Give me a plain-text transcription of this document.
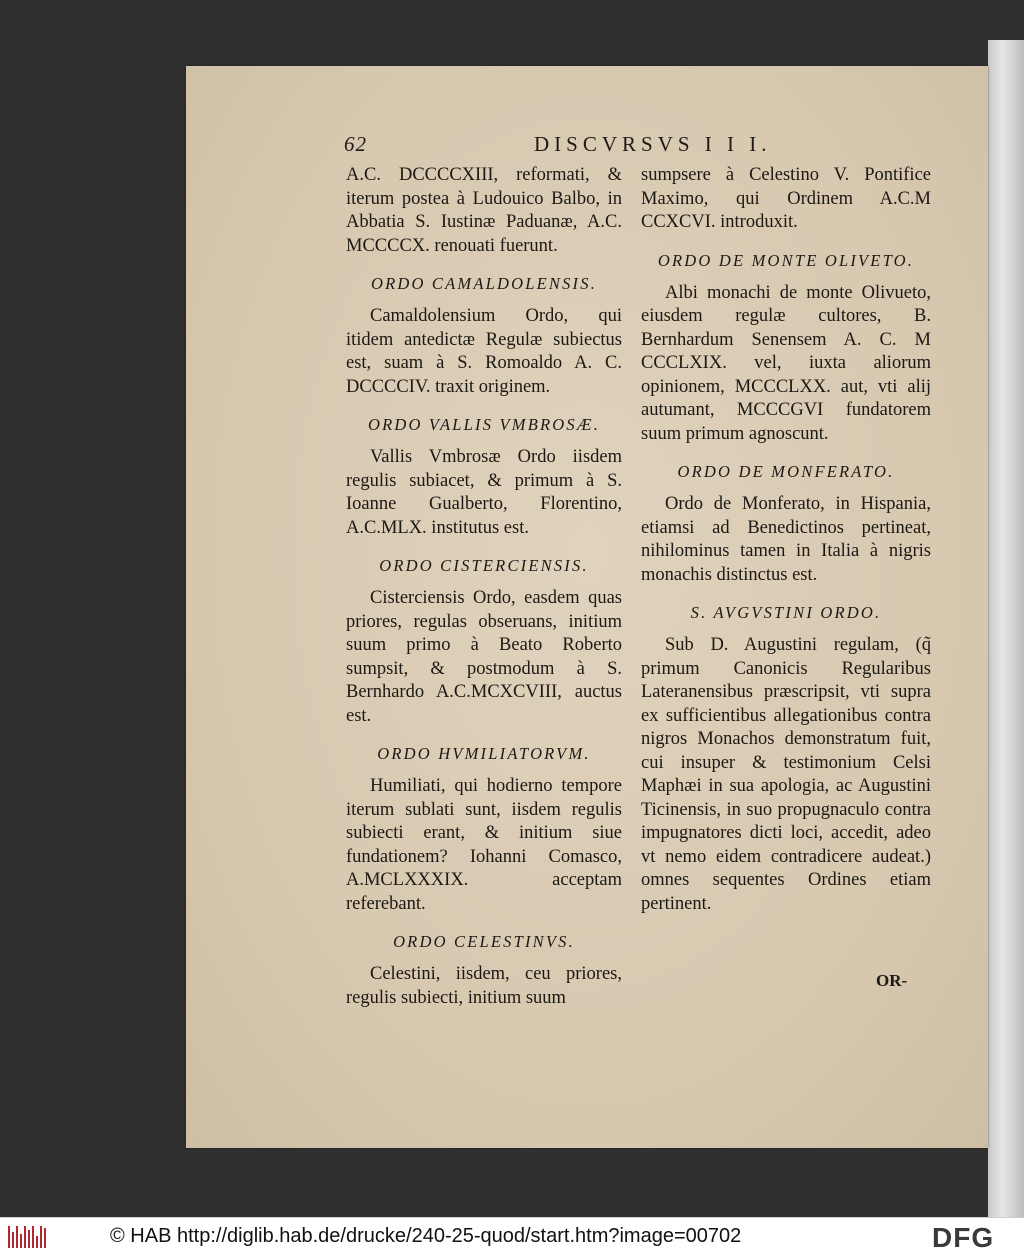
62	DISCVRSVS I I I.

A.C. DCCCCXIII, reformati, & iterum postea à Ludouico Balbo, in Abbatia S. Iustinæ Paduanæ, A.C. MCCCCX. renouati fuerunt.

ORDO CAMALDOLENSIS.

Camaldolensium Ordo, qui itidem antedictæ Regulæ subiectus est, suam à S. Romoaldo A. C. DCCCCIV. traxit originem.

ORDO VALLIS VMBROSÆ.

Vallis Vmbrosæ Ordo iisdem regulis subiacet, & primum à S. Ioanne Gualberto, Florentino, A.C.MLX. institutus est.

ORDO CISTERCIENSIS.

Cisterciensis Ordo, easdem quas priores, regulas obseruans, initium suum primo à Beato Roberto sumpsit, & postmodum à S. Bernhardo A.C.MCXCVIII, auctus est.

ORDO HVMILIATORVM.

Humiliati, qui hodierno tempore iterum sublati sunt, iisdem regulis subiecti erant, & initium siue fundationem? Iohanni Comasco, A.MCLXXXIX. acceptam referebant.

ORDO CELESTINVS.

Celestini, iisdem, ceu priores, regulis subiecti, initium suum

sumpsere à Celestino V. Pontifice Maximo, qui Ordinem A.C.M CCXCVI. introduxit.

ORDO DE MONTE OLIVETO.

Albi monachi de monte Olivueto, eiusdem regulæ cultores, B. Bernhardum Senensem A. C. M CCCLXIX. vel, iuxta aliorum opinionem, MCCCLXX. aut, vti alij autumant, MCCCGVI fundatorem suum primum agnoscunt.

ORDO DE MONFERATO.

Ordo de Monferato, in Hispania, etiamsi ad Benedictinos pertineat, nihilominus tamen in Italia à nigris monachis distinctus est.

S. AVGVSTINI ORDO.

Sub D. Augustini regulam, (q̃ primum Canonicis Regularibus Lateranensibus præscripsit, vti supra ex sufficientibus allegationibus contra nigros Monachos demonstratum fuit, cui insuper & testimonium Celsi Maphæi in sua apologia, ac Augustini Ticinensis, in suo propugnaculo contra impugnatores dicti loci, accedit, adeo vt nemo eidem contradicere audeat.) omnes sequentes Ordines etiam pertinent.

OR-
© HAB http://diglib.hab.de/drucke/240-25-quod/start.htm?image=00702	DFG
